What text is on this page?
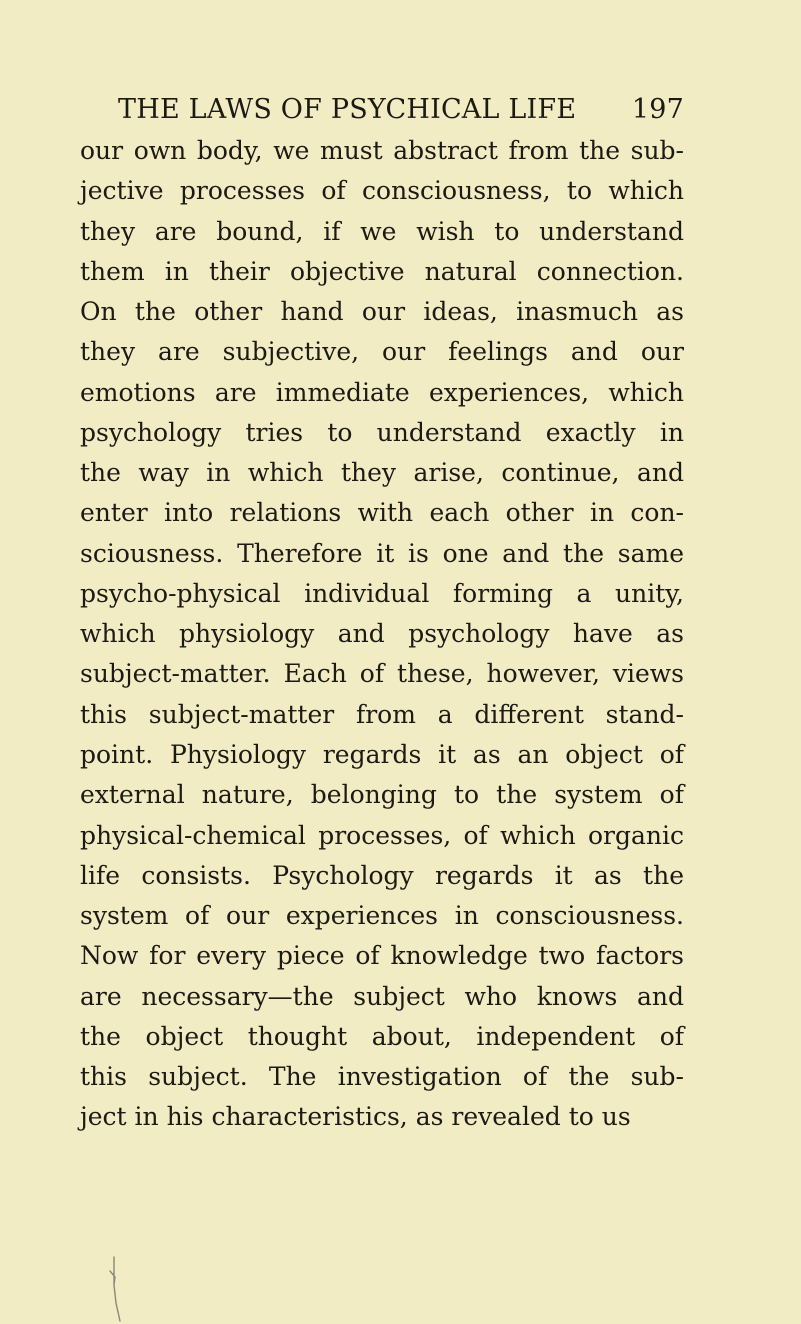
THE LAWS OF PSYCHICAL LIFE 197
our own body, we must abstract from the sub-
jective processes of consciousness, to which
they are bound, if we wish to understand
them in their objective natural connection.
On the other hand our ideas, inasmuch as
they are subjective, our feelings and our
emotions are immediate experiences, which
psychology tries to understand exactly in
the way in which they arise, continue, and
enter into relations with each other in con-
sciousness. Therefore it is one and the same
psycho-physical individual forming a unity,
which physiology and psychology have as
subject-matter. Each of these, however, views
this subject-matter from a different stand-
point. Physiology regards it as an object of
external nature, belonging to the system of
physical-chemical processes, of which organic
life consists. Psychology regards it as the
system of our experiences in consciousness.
Now for every piece of knowledge two factors
are necessary—the subject who knows and
the object thought about, independent of
this subject. The investigation of the sub-
ject in his characteristics, as revealed to us
